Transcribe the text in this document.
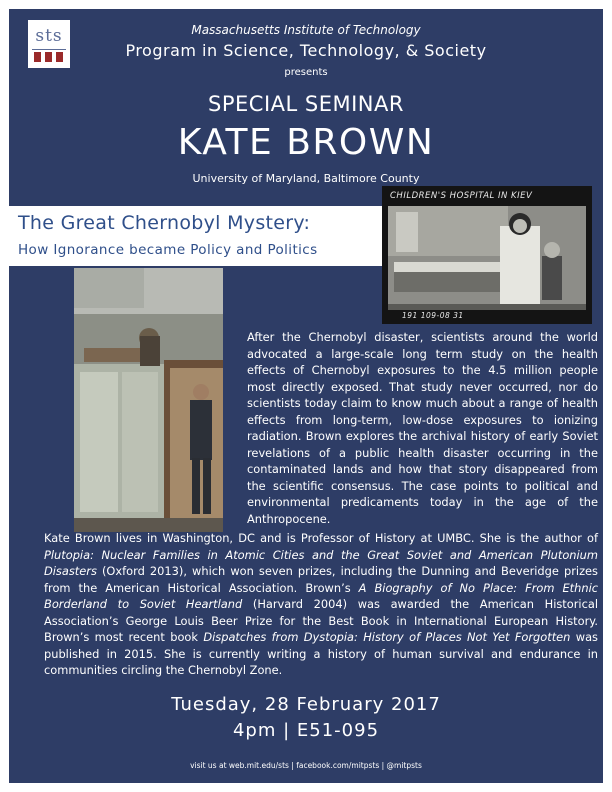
sts	Massachusetts Institute of Technology
Program in Science, Technology, & Society
presents
SPECIAL SEMINAR
KATE BROWN
University of Maryland, Baltimore County
The Great Chernobyl Mystery:
How Ignorance became Policy and Politics
CHILDREN'S HOSPITAL IN KIEV
191 109-08 31
After the Chernobyl disaster, scientists around the world advocated a large-scale long term study on the health effects of Chernobyl exposures to the 4.5 million people most directly exposed. That study never occurred, nor do scientists today claim to know much about a range of health effects from long-term, low-dose exposures to ionizing radiation. Brown explores the archival history of early Soviet revelations of a public health disaster occurring in the contaminated lands and how that story disappeared from the scientific consensus. The case points to political and environmental predicaments today in the age of the Anthropocene.
Kate Brown lives in Washington, DC and is Professor of History at UMBC. She is the author of Plutopia: Nuclear Families in Atomic Cities and the Great Soviet and American Plutonium Disasters (Oxford 2013), which won seven prizes, including the Dunning and Beveridge prizes from the American Historical Association. Brown’s A Biography of No Place: From Ethnic Borderland to Soviet Heartland (Harvard 2004) was awarded the American Historical Association’s George Louis Beer Prize for the Best Book in International European History. Brown’s most recent book Dispatches from Dystopia: History of Places Not Yet Forgotten was published in 2015. She is currently writing a history of human survival and endurance in communities circling the Chernobyl Zone.
Tuesday, 28 February 2017
4pm | E51-095
visit us at web.mit.edu/sts | facebook.com/mitpsts | @mitpsts
